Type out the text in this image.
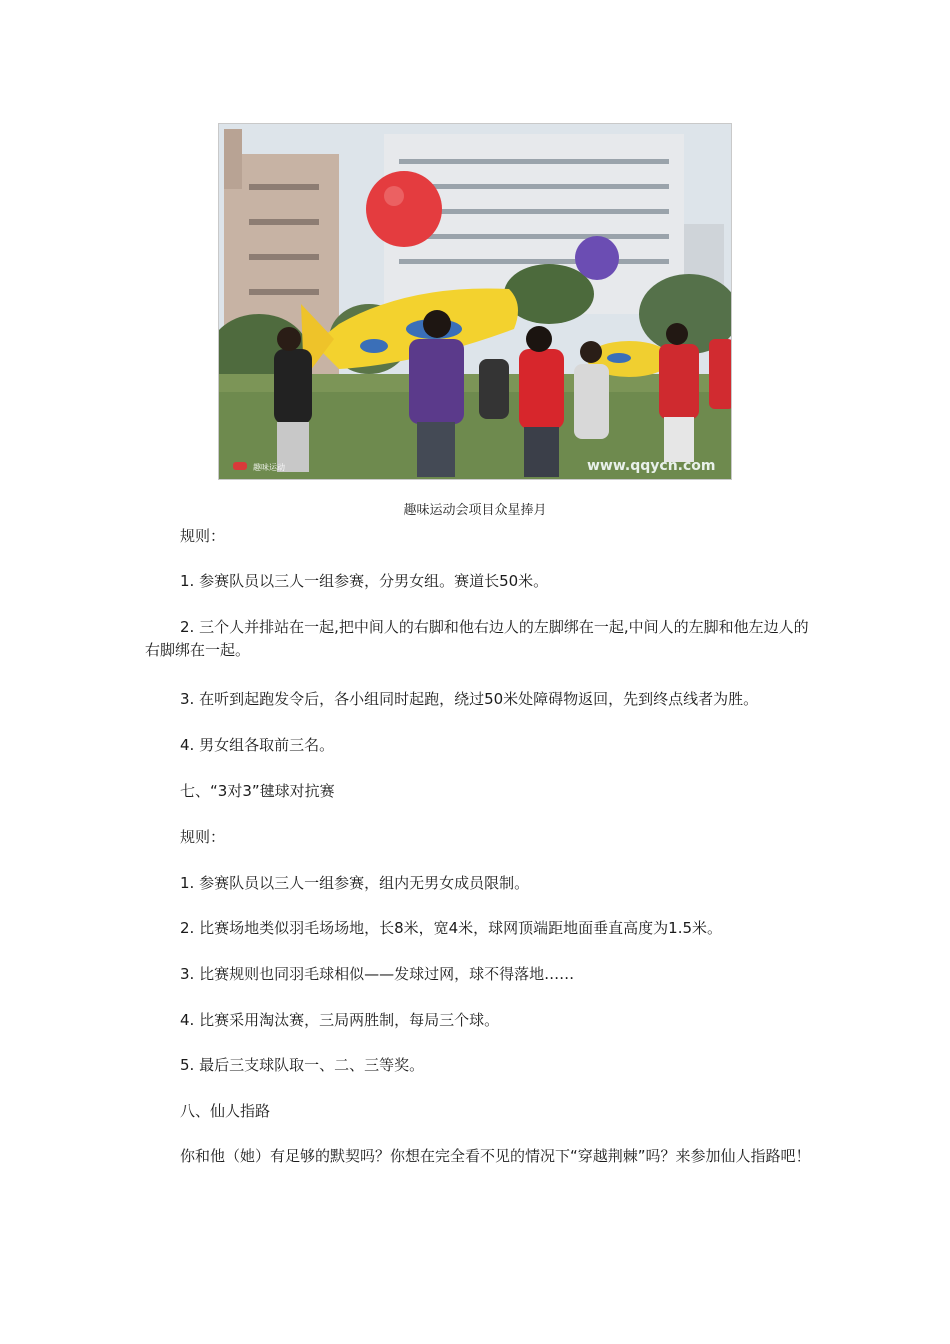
趣味运动	www.qqycn.com
趣味运动会项目众星捧月

规则：

1. 参赛队员以三人一组参赛，分男女组。赛道长50米。

2. 三个人并排站在一起,把中间人的右脚和他右边人的左脚绑在一起,中间人的左脚和他左边人的右脚绑在一起。

3. 在听到起跑发令后，各小组同时起跑，绕过50米处障碍物返回，先到终点线者为胜。

4. 男女组各取前三名。

七、“3对3”毽球对抗赛

规则：

1. 参赛队员以三人一组参赛，组内无男女成员限制。

2. 比赛场地类似羽毛场场地，长8米，宽4米，球网顶端距地面垂直高度为1.5米。

3. 比赛规则也同羽毛球相似——发球过网，球不得落地……

4. 比赛采用淘汰赛，三局两胜制，每局三个球。

5. 最后三支球队取一、二、三等奖。

八、仙人指路

你和他（她）有足够的默契吗？你想在完全看不见的情况下“穿越荆棘”吗？来参加仙人指路吧！
